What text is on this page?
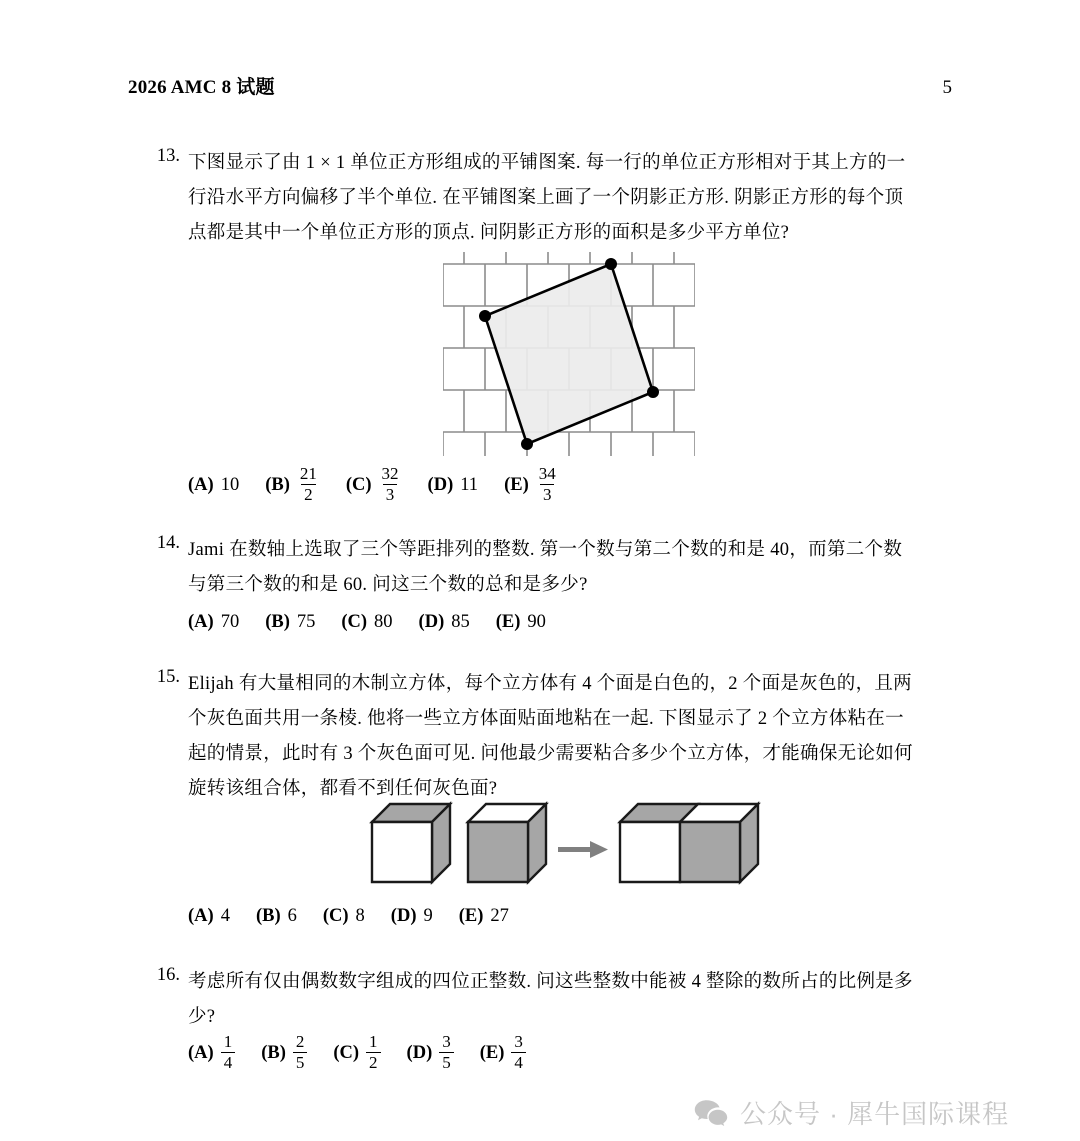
2026 AMC 8 试题	5
13. 下图显示了由 1 × 1 单位正方形组成的平铺图案. 每一行的单位正方形相对于其上方的一
行沿水平方向偏移了半个单位. 在平铺图案上画了一个阴影正方形. 阴影正方形的每个顶
点都是其中一个单位正方形的顶点. 问阴影正方形的面积是多少平方单位?
(A) 10 $(B) \frac{21}{2} (C) \frac{32}{3} (D)$ 11 $(E) \frac{34}{3}$
14. Jami 在数轴上选取了三个等距排列的整数. 第一个数与第二个数的和是 40，而第二个数
与第三个数的和是 60. 问这三个数的总和是多少?
(A) 70 (B) 75 (C) 80 (D) 85 (E) 90
15. Elijah 有大量相同的木制立方体，每个立方体有 4 个面是白色的，2 个面是灰色的，且两
个灰色面共用一条棱. 他将一些立方体面贴面地粘在一起. 下图显示了 2 个立方体粘在一
起的情景，此时有 3 个灰色面可见. 问他最少需要粘合多少个立方体，才能确保无论如何
旋转该组合体，都看不到任何灰色面?
(A) 4 (B) 6 (C) 8 (D) 9 (E) 27
16. 考虑所有仅由偶数数字组成的四位正整数. 问这些整数中能被 4 整除的数所占的比例是多
少?
$(A) \frac{1}{4} (B) \frac{2}{5} (C) \frac{1}{2} (D) \frac{3}{5} (E) \frac{3}{4}$
公众号 · 犀牛国际课程
